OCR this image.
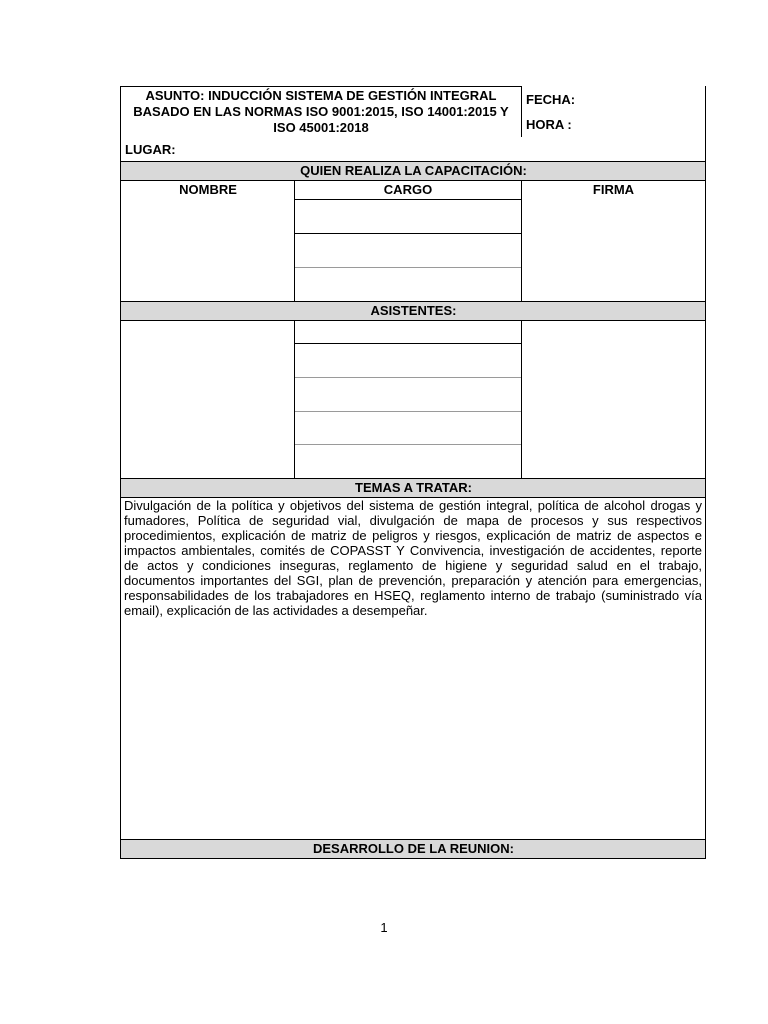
ASUNTO: INDUCCIÓN SISTEMA DE GESTIÓN INTEGRAL BASADO EN LAS NORMAS ISO 9001:2015, ISO 14001:2015 Y ISO 45001:2018
FECHA:
HORA :
LUGAR:
QUIEN REALIZA LA CAPACITACIÓN:
NOMBRE	CARGO	FIRMA
ASISTENTES:
TEMAS A TRATAR:
Divulgación de la política y objetivos del sistema de gestión integral, política de alcohol drogas y fumadores, Política de seguridad vial, divulgación de mapa de procesos y sus respectivos procedimientos, explicación de matriz de peligros y riesgos, explicación de matriz de aspectos e impactos ambientales, comités de COPASST Y Convivencia, investigación de accidentes, reporte de actos y condiciones inseguras, reglamento de higiene y seguridad salud en el trabajo, documentos importantes del SGI, plan de prevención, preparación y atención para emergencias, responsabilidades de los trabajadores en HSEQ, reglamento interno de trabajo (suministrado vía email), explicación de las actividades a desempeñar.
DESARROLLO DE LA REUNION:
1
